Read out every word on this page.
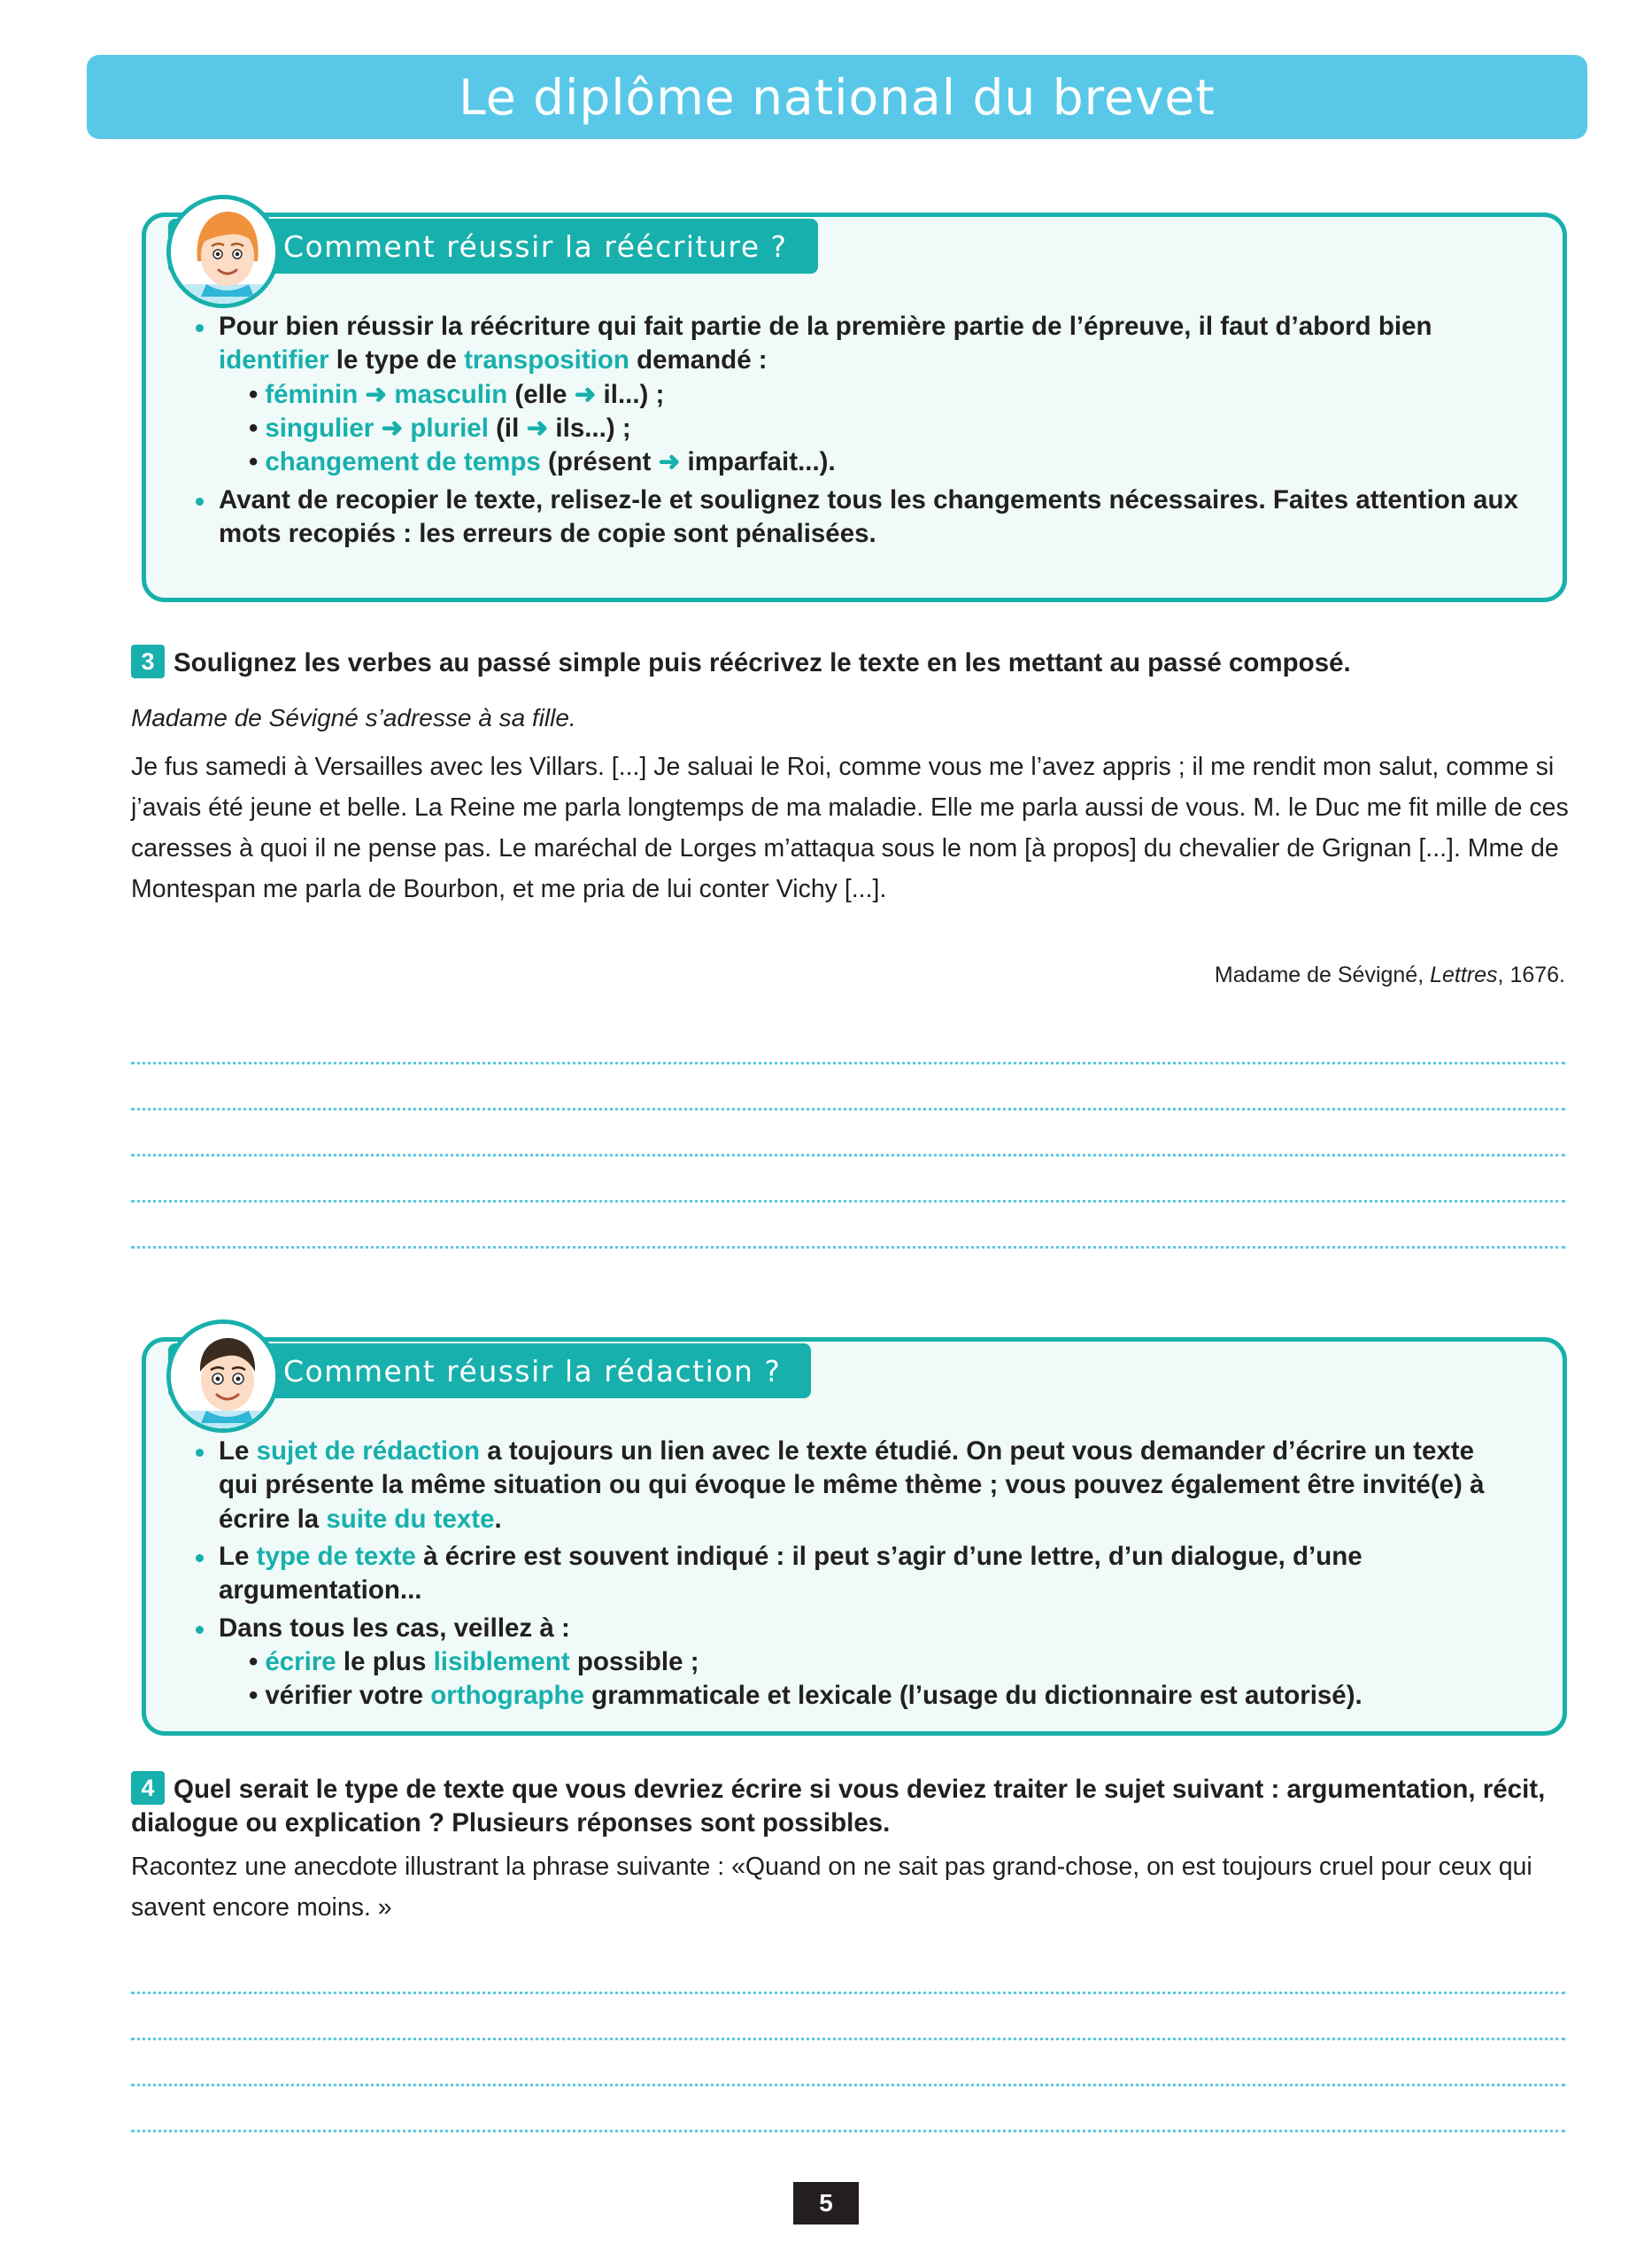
Le diplôme national du brevet
Pour bien réussir la réécriture qui fait partie de la première partie de l’épreuve, il faut d’abord bien identifier le type de transposition demandé :
• féminin ➜ masculin (elle ➜ il...) ;
• singulier ➜ pluriel (il ➜ ils...) ;
• changement de temps (présent ➜ imparfait...).
Avant de recopier le texte, relisez-le et soulignez tous les changements nécessaires. Faites attention aux mots recopiés : les erreurs de copie sont pénalisées.
Comment réussir la réécriture ?
3 Soulignez les verbes au passé simple puis réécrivez le texte en les mettant au passé composé.
Madame de Sévigné s’adresse à sa fille.
Je fus samedi à Versailles avec les Villars. [...] Je saluai le Roi, comme vous me l’avez appris ; il me rendit mon salut, comme si j’avais été jeune et belle. La Reine me parla longtemps de ma maladie. Elle me parla aussi de vous. M. le Duc me fit mille de ces caresses à quoi il ne pense pas. Le maréchal de Lorges m’attaqua sous le nom [à propos] du chevalier de Grignan [...]. Mme de Montespan me parla de Bourbon, et me pria de lui conter Vichy [...].
Madame de Sévigné, Lettres, 1676.
Le sujet de rédaction a toujours un lien avec le texte étudié. On peut vous demander d’écrire un texte qui présente la même situation ou qui évoque le même thème ; vous pouvez également être invité(e) à écrire la suite du texte.
Le type de texte à écrire est souvent indiqué : il peut s’agir d’une lettre, d’un dialogue, d’une argumentation...
Dans tous les cas, veillez à :
• écrire le plus lisiblement possible ;
• vérifier votre orthographe grammaticale et lexicale (l’usage du dictionnaire est autorisé).
Comment réussir la rédaction ?
4 Quel serait le type de texte que vous devriez écrire si vous deviez traiter le sujet suivant : argumentation, récit, dialogue ou explication ? Plusieurs réponses sont possibles.
Racontez une anecdote illustrant la phrase suivante : «Quand on ne sait pas grand-chose, on est toujours cruel pour ceux qui savent encore moins. »
5
